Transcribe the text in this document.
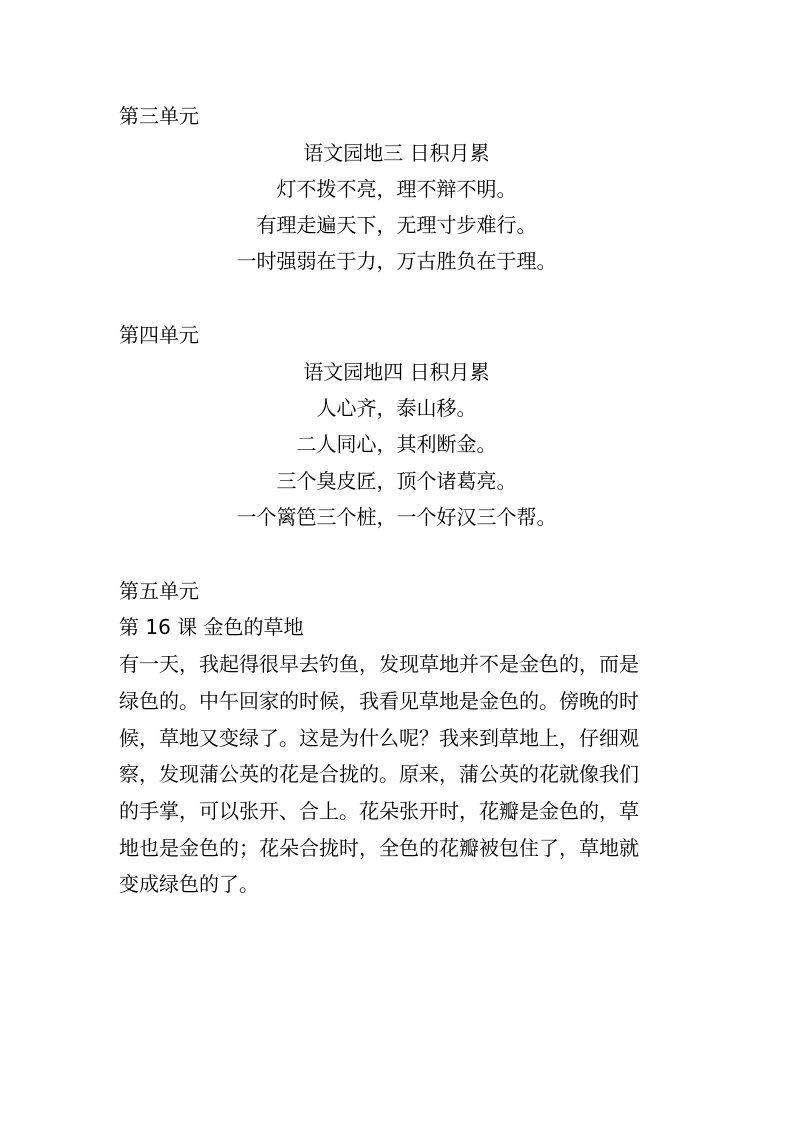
第三单元
语文园地三 日积月累
灯不拨不亮，理不辩不明。
有理走遍天下，无理寸步难行。
一时强弱在于力，万古胜负在于理。
第四单元
语文园地四 日积月累
人心齐，泰山移。
二人同心，其利断金。
三个臭皮匠，顶个诸葛亮。
一个篱笆三个桩，一个好汉三个帮。
第五单元
第 16 课 金色的草地
有一天，我起得很早去钓鱼，发现草地并不是金色的，而是
绿色的。中午回家的时候，我看见草地是金色的。傍晚的时
候，草地又变绿了。这是为什么呢？我来到草地上，仔细观
察，发现蒲公英的花是合拢的。原来，蒲公英的花就像我们
的手掌，可以张开、合上。花朵张开时，花瓣是金色的，草
地也是金色的；花朵合拢时，全色的花瓣被包住了，草地就
变成绿色的了。
